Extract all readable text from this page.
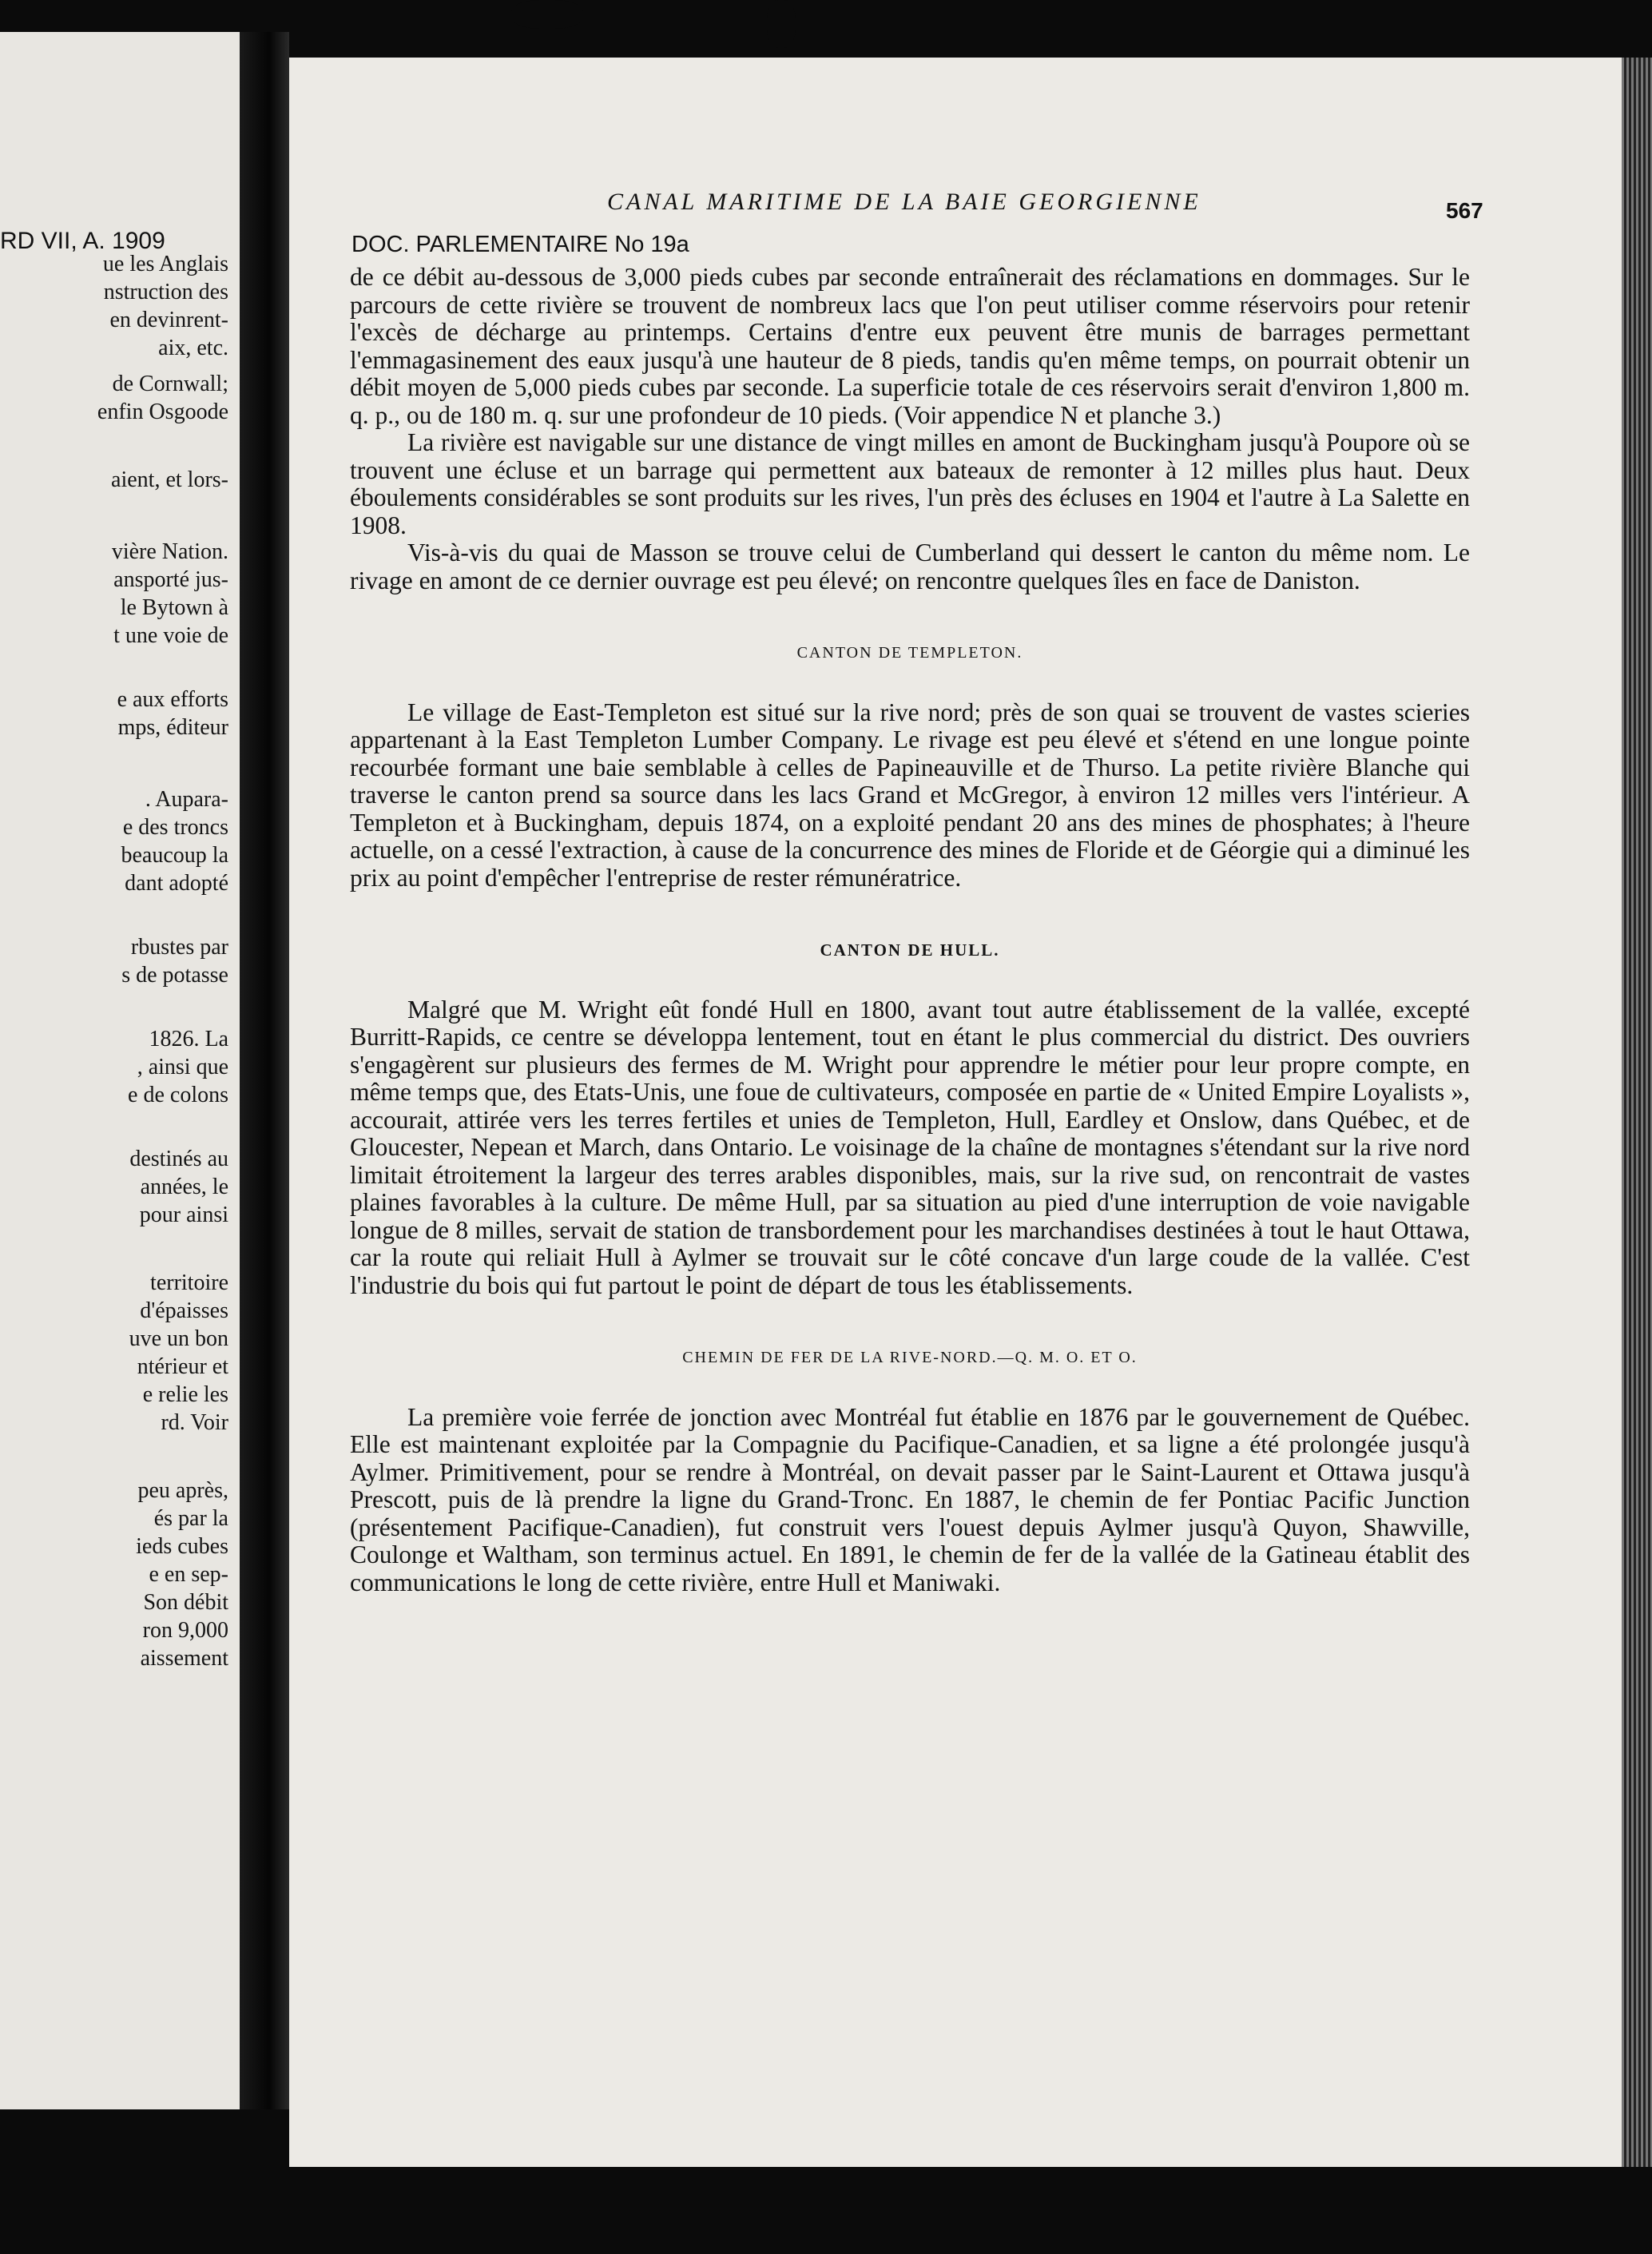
RD VII, A. 1909
ue les Anglais
nstruction des
en devinrent-
aix, etc.
de Cornwall;
enfin Osgoode
aient, et lors-
vière Nation.
ansporté jus-
le Bytown à
t une voie de
e aux efforts
mps, éditeur
. Aupara-
e des troncs
beaucoup la
dant adopté
rbustes par
s de potasse
1826. La
, ainsi que
e de colons
destinés au
années, le
pour ainsi
territoire
d'épaisses
uve un bon
ntérieur et
e relie les
rd. Voir
peu après,
és par la
ieds cubes
e en sep-
Son débit
ron 9,000
aissement
CANAL MARITIME DE LA BAIE GEORGIENNE	567
DOC. PARLEMENTAIRE No 19a

de ce débit au-dessous de 3,000 pieds cubes par seconde entraînerait des réclamations en dommages. Sur le parcours de cette rivière se trouvent de nombreux lacs que l'on peut utiliser comme réservoirs pour retenir l'excès de décharge au printemps. Certains d'entre eux peuvent être munis de barrages permettant l'emmagasinement des eaux jusqu'à une hauteur de 8 pieds, tandis qu'en même temps, on pourrait obtenir un débit moyen de 5,000 pieds cubes par seconde. La superficie totale de ces réservoirs serait d'environ 1,800 m. q. p., ou de 180 m. q. sur une profondeur de 10 pieds. (Voir appendice N et planche 3.)

La rivière est navigable sur une distance de vingt milles en amont de Buckingham jusqu'à Poupore où se trouvent une écluse et un barrage qui permettent aux bateaux de remonter à 12 milles plus haut. Deux éboulements considérables se sont produits sur les rives, l'un près des écluses en 1904 et l'autre à La Salette en 1908.

Vis-à-vis du quai de Masson se trouve celui de Cumberland qui dessert le canton du même nom. Le rivage en amont de ce dernier ouvrage est peu élevé; on rencontre quelques îles en face de Daniston.

CANTON DE TEMPLETON.

Le village de East-Templeton est situé sur la rive nord; près de son quai se trouvent de vastes scieries appartenant à la East Templeton Lumber Company. Le rivage est peu élevé et s'étend en une longue pointe recourbée formant une baie semblable à celles de Papineauville et de Thurso. La petite rivière Blanche qui traverse le canton prend sa source dans les lacs Grand et McGregor, à environ 12 milles vers l'intérieur. A Templeton et à Buckingham, depuis 1874, on a exploité pendant 20 ans des mines de phosphates; à l'heure actuelle, on a cessé l'extraction, à cause de la concurrence des mines de Floride et de Géorgie qui a diminué les prix au point d'empêcher l'entreprise de rester rémunératrice.

CANTON DE HULL.

Malgré que M. Wright eût fondé Hull en 1800, avant tout autre établissement de la vallée, excepté Burritt-Rapids, ce centre se développa lentement, tout en étant le plus commercial du district. Des ouvriers s'engagèrent sur plusieurs des fermes de M. Wright pour apprendre le métier pour leur propre compte, en même temps que, des Etats-Unis, une foue de cultivateurs, composée en partie de « United Empire Loyalists », accourait, attirée vers les terres fertiles et unies de Templeton, Hull, Eardley et Onslow, dans Québec, et de Gloucester, Nepean et March, dans Ontario. Le voisinage de la chaîne de montagnes s'étendant sur la rive nord limitait étroitement la largeur des terres arables disponibles, mais, sur la rive sud, on rencontrait de vastes plaines favorables à la culture. De même Hull, par sa situation au pied d'une interruption de voie navigable longue de 8 milles, servait de station de transbordement pour les marchandises destinées à tout le haut Ottawa, car la route qui reliait Hull à Aylmer se trouvait sur le côté concave d'un large coude de la vallée. C'est l'industrie du bois qui fut partout le point de départ de tous les établissements.

CHEMIN DE FER DE LA RIVE-NORD.—Q. M. O. ET O.

La première voie ferrée de jonction avec Montréal fut établie en 1876 par le gouvernement de Québec. Elle est maintenant exploitée par la Compagnie du Pacifique-Canadien, et sa ligne a été prolongée jusqu'à Aylmer. Primitivement, pour se rendre à Montréal, on devait passer par le Saint-Laurent et Ottawa jusqu'à Prescott, puis de là prendre la ligne du Grand-Tronc. En 1887, le chemin de fer Pontiac Pacific Junction (présentement Pacifique-Canadien), fut construit vers l'ouest depuis Aylmer jusqu'à Quyon, Shawville, Coulonge et Waltham, son terminus actuel. En 1891, le chemin de fer de la vallée de la Gatineau établit des communications le long de cette rivière, entre Hull et Maniwaki.
